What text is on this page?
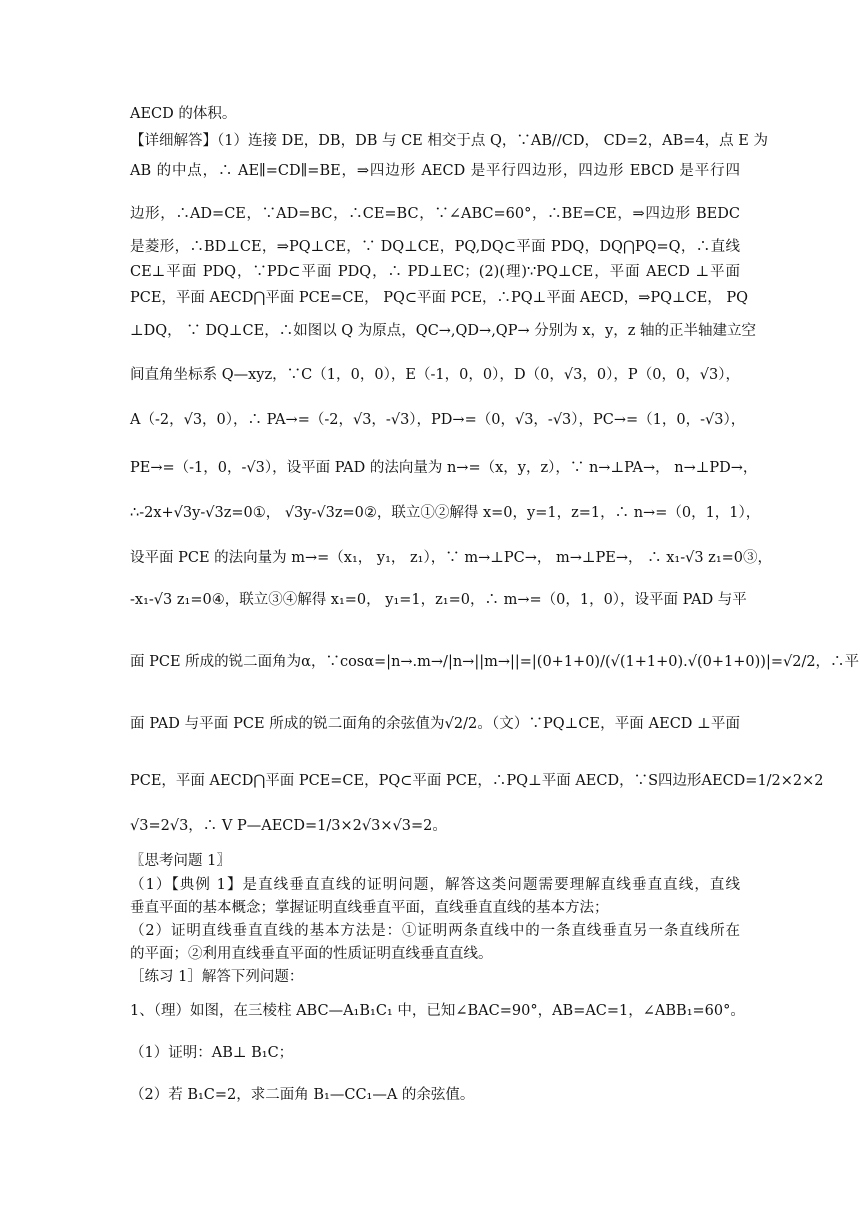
AECD 的体积。
【详细解答】（1）连接 DE，DB，DB 与 CE 相交于点 Q，∵AB//CD， CD=2，AB=4，点 E 为
AB 的中点，∴ AE∥=CD∥=BE，⇒四边形 AECD 是平行四边形，四边形 EBCD 是平行四
边形，∴AD=CE，∵AD=BC，∴CE=BC，∵∠ABC=60°，∴BE=CE，⇒四边形 BEDC
是菱形，∴BD⊥CE，⇒PQ⊥CE，∵ DQ⊥CE，PQ,DQ⊂平面 PDQ，DQ⋂PQ=Q，∴直线
CE⊥平面 PDQ，∵PD⊂平面 PDQ，∴ PD⊥EC；(2)(理)∵PQ⊥CE，平面 AECD ⊥平面
PCE，平面 AECD⋂平面 PCE=CE， PQ⊂平面 PCE，∴PQ⊥平面 AECD，⇒PQ⊥CE， PQ
⊥DQ， ∵ DQ⊥CE，∴如图以 Q 为原点，QC→,QD→,QP→ 分别为 x，y，z 轴的正半轴建立空
间直角坐标系 Q—xyz，∵C（1，0，0），E（-1，0，0），D（0，√3，0），P（0，0，√3），
A（-2，√3，0），∴ PA→=（-2，√3，-√3），PD→=（0，√3，-√3），PC→=（1，0，-√3），
PE→=（-1，0，-√3），设平面 PAD 的法向量为 n→=（x，y，z），∵ n→⊥PA→， n→⊥PD→，
∴-2x+√3y-√3z=0①， √3y-√3z=0②，联立①②解得 x=0，y=1，z=1，∴ n→=（0，1，1），
设平面 PCE 的法向量为 m→=（x₁， y₁， z₁），∵ m→⊥PC→， m→⊥PE→， ∴ x₁-√3 z₁=0③，
-x₁-√3 z₁=0④，联立③④解得 x₁=0， y₁=1，z₁=0，∴ m→=（0，1，0），设平面 PAD 与平
面 PCE 所成的锐二面角为α，∵cosα=|n→.m→/|n→||m→||=|(0+1+0)/(√(1+1+0).√(0+1+0))|=√2/2，∴平
面 PAD 与平面 PCE 所成的锐二面角的余弦值为√2/2。（文）∵PQ⊥CE，平面 AECD ⊥平面
PCE，平面 AECD⋂平面 PCE=CE，PQ⊂平面 PCE，∴PQ⊥平面 AECD，∵S四边形AECD=1/2×2×2
√3=2√3，∴ V P—AECD=1/3×2√3×√3=2。
〖思考问题 1〗
（1）【典例 1】是直线垂直直线的证明问题，解答这类问题需要理解直线垂直直线，直线
垂直平面的基本概念；掌握证明直线垂直平面，直线垂直直线的基本方法；
（2）证明直线垂直直线的基本方法是：①证明两条直线中的一条直线垂直另一条直线所在
的平面；②利用直线垂直平面的性质证明直线垂直直线。
［练习 1］解答下列问题：
1、（理）如图，在三棱柱 ABC—A₁B₁C₁ 中，已知∠BAC=90°，AB=AC=1，∠ABB₁=60°。
（1）证明：AB⊥ B₁C；
（2）若 B₁C=2，求二面角 B₁—CC₁—A 的余弦值。
